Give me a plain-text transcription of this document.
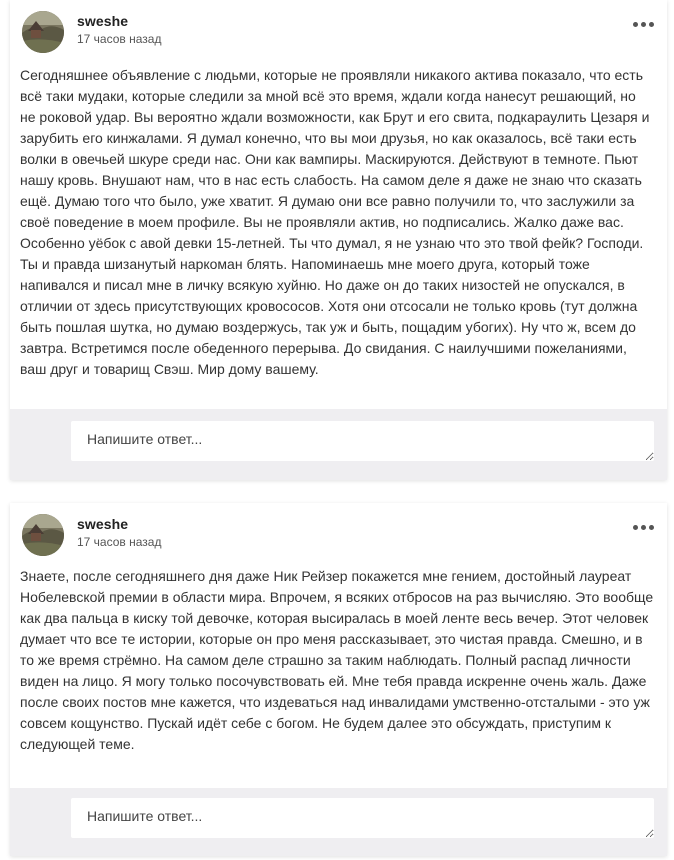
sweshe
17 часов назад
Сегодняшнее объявление с людьми, которые не проявляли никакого актива показало, что есть всё таки мудаки, которые следили за мной всё это время, ждали когда нанесут решающий, но не роковой удар. Вы вероятно ждали возможности, как Брут и его свита, подкараулить Цезаря и зарубить его кинжалами. Я думал конечно, что вы мои друзья, но как оказалось, всё таки есть волки в овечьей шкуре среди нас. Они как вампиры. Маскируются. Действуют в темноте. Пьют нашу кровь. Внушают нам, что в нас есть слабость. На самом деле я даже не знаю что сказать ещё. Думаю того что было, уже хватит. Я думаю они все равно получили то, что заслужили за своё поведение в моем профиле. Вы не проявляли актив, но подписались. Жалко даже вас. Особенно уёбок с авой девки 15-летней. Ты что думал, я не узнаю что это твой фейк? Господи. Ты и правда шизанутый наркоман блять. Напоминаешь мне моего друга, который тоже напивался и писал мне в личку всякую хуйню. Но даже он до таких низостей не опускался, в отличии от здесь присутствующих кровососов. Хотя они отсосали не только кровь (тут должна быть пошлая шутка, но думаю воздержусь, так уж и быть, пощадим убогих). Ну что ж, всем до завтра. Встретимся после обеденного перерыва. До свидания. С наилучшими пожеланиями, ваш друг и товарищ Свэш. Мир дому вашему.
Напишите ответ...
sweshe
17 часов назад
Знаете, после сегодняшнего дня даже Ник Рейзер покажется мне гением, достойный лауреат Нобелевской премии в области мира. Впрочем, я всяких отбросов на раз вычисляю. Это вообще как два пальца в киску той девочке, которая высиралась в моей ленте весь вечер. Этот человек думает что все те истории, которые он про меня рассказывает, это чистая правда. Смешно, и в то же время стрёмно. На самом деле страшно за таким наблюдать. Полный распад личности виден на лицо. Я могу только посочувствовать ей. Мне тебя правда искренне очень жаль. Даже после своих постов мне кажется, что издеваться над инвалидами умственно-отсталыми - это уж совсем кощунство. Пускай идёт себе с богом. Не будем далее это обсуждать, приступим к следующей теме.
Напишите ответ...
